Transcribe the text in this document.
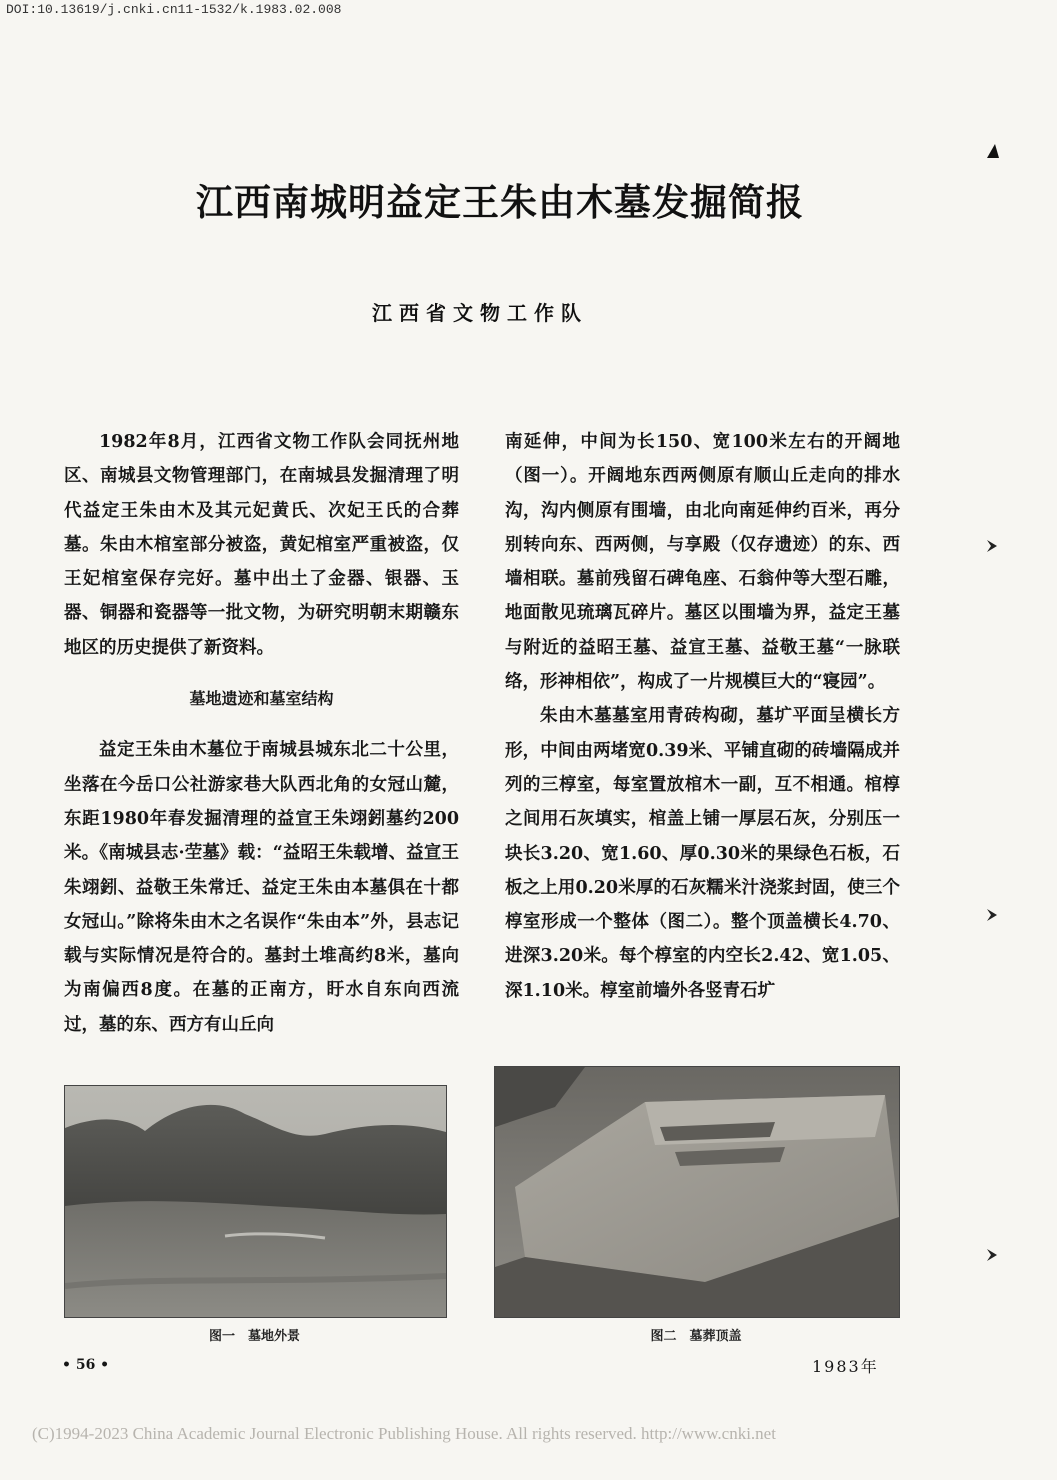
DOI:10.13619/j.cnki.cn11-1532/k.1983.02.008
江西南城明益定王朱由木墓发掘简报
江西省文物工作队

1982年8月，江西省文物工作队会同抚州地区、南城县文物管理部门，在南城县发掘清理了明代益定王朱由木及其元妃黄氏、次妃王氏的合葬墓。朱由木棺室部分被盗，黄妃棺室严重被盗，仅王妃棺室保存完好。墓中出土了金器、银器、玉器、铜器和瓷器等一批文物，为研究明朝末期赣东地区的历史提供了新资料。

墓地遗迹和墓室结构

益定王朱由木墓位于南城县城东北二十公里，坐落在今岳口公社游家巷大队西北角的女冠山麓，东距1980年春发掘清理的益宣王朱翊鈏墓约200米。《南城县志·茔墓》载：“益昭王朱载增、益宣王朱翊鈏、益敬王朱常迁、益定王朱由本墓俱在十都女冠山。”除将朱由木之名误作“朱由本”外，县志记载与实际情况是符合的。墓封土堆高约8米，墓向为南偏西8度。在墓的正南方，盱水自东向西流过，墓的东、西方有山丘向

南延伸，中间为长150、宽100米左右的开阔地（图一）。开阔地东西两侧原有顺山丘走向的排水沟，沟内侧原有围墙，由北向南延伸约百米，再分别转向东、西两侧，与享殿（仅存遗迹）的东、西墙相联。墓前残留石碑龟座、石翁仲等大型石雕，地面散见琉璃瓦碎片。墓区以围墙为界，益定王墓与附近的益昭王墓、益宣王墓、益敬王墓“一脉联络，形神相依”，构成了一片规模巨大的“寝园”。

朱由木墓墓室用青砖构砌，墓圹平面呈横长方形，中间由两堵宽0.39米、平铺直砌的砖墙隔成并列的三椁室，每室置放棺木一副，互不相通。棺椁之间用石灰填实，棺盖上铺一厚层石灰，分别压一块长3.20、宽1.60、厚0.30米的果绿色石板，石板之上用0.20米厚的石灰糯米汁浇浆封固，使三个椁室形成一个整体（图二）。整个顶盖横长4.70、进深3.20米。每个椁室的内空长2.42、宽1.05、深1.10米。椁室前墙外各竖青石圹

图一　墓地外景	图二　墓葬顶盖
• 56 •	1983年
(C)1994-2023 China Academic Journal Electronic Publishing House. All rights reserved. http://www.cnki.net
